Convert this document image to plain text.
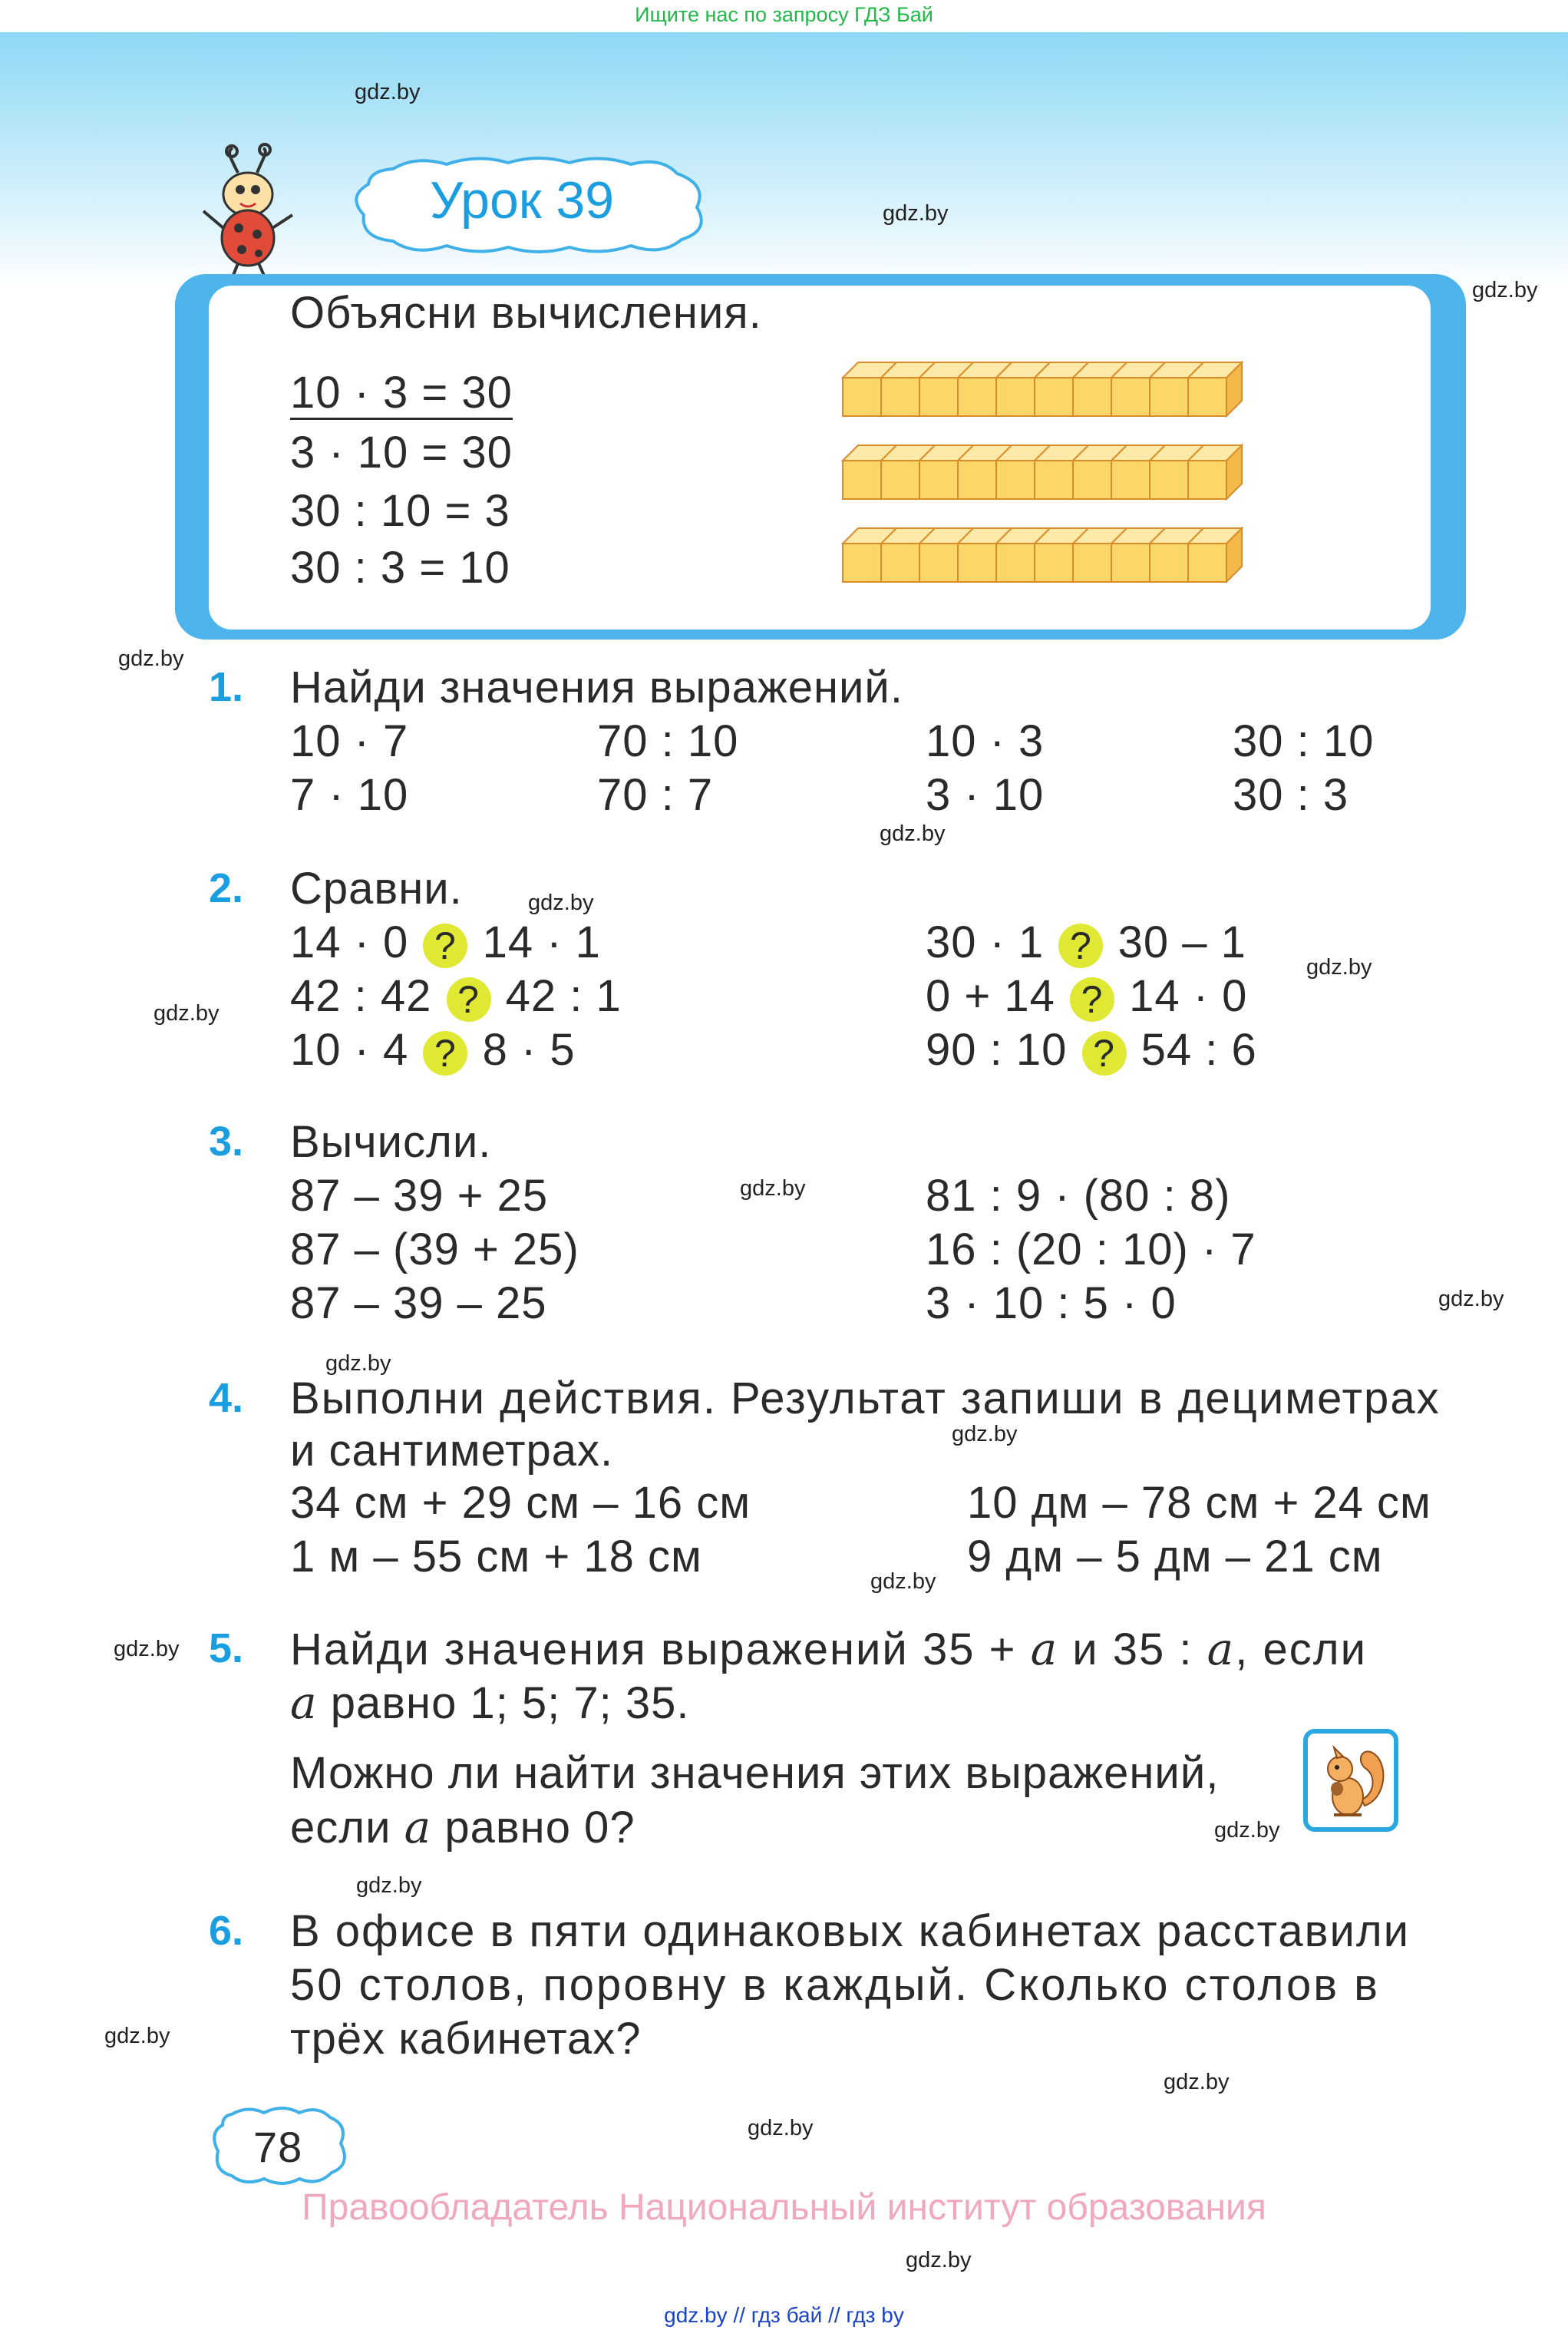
Ищите нас по запросу ГДЗ Бай
Урок 39
gdz.by
gdz.by
gdz.by
gdz.by
gdz.by
gdz.by
gdz.by
gdz.by
gdz.by
gdz.by
gdz.by
gdz.by
gdz.by
gdz.by
gdz.by
gdz.by
gdz.by
gdz.by
gdz.by
gdz.by
Объясни вычисления.
10 · 3 = 30
3 · 10 = 30
30 : 10 = 3
30 : 3 = 10
1. Найди значения выражений.
10 · 7
7 · 10
70 : 10
70 : 7
10 · 3
3 · 10
30 : 10
30 : 3
2. Сравни.
14 · 0 ? 14 · 1
42 : 42 ? 42 : 1
10 · 4 ? 8 · 5
30 · 1 ? 30 – 1
0 + 14 ? 14 · 0
90 : 10 ? 54 : 6
3. Вычисли.
87 – 39 + 25
87 – (39 + 25)
87 – 39 – 25
81 : 9 · (80 : 8)
16 : (20 : 10) · 7
3 · 10 : 5 · 0
4. Выполни действия. Результат запиши в дециметрах
и сантиметрах.
34 см + 29 см – 16 см
1 м – 55 см + 18 см
10 дм – 78 см + 24 см
9 дм – 5 дм – 21 см
5. Найди значения выражений 35 + a и 35 : a, если
a равно 1; 5; 7; 35.
Можно ли найти значения этих выражений,
если a равно 0?
6. В офисе в пяти одинаковых кабинетах расставили
50 столов, поровну в каждый. Сколько столов в
трёх кабинетах?
78
Правообладатель Национальный институт образования
gdz.by // гдз бай // гдз by
